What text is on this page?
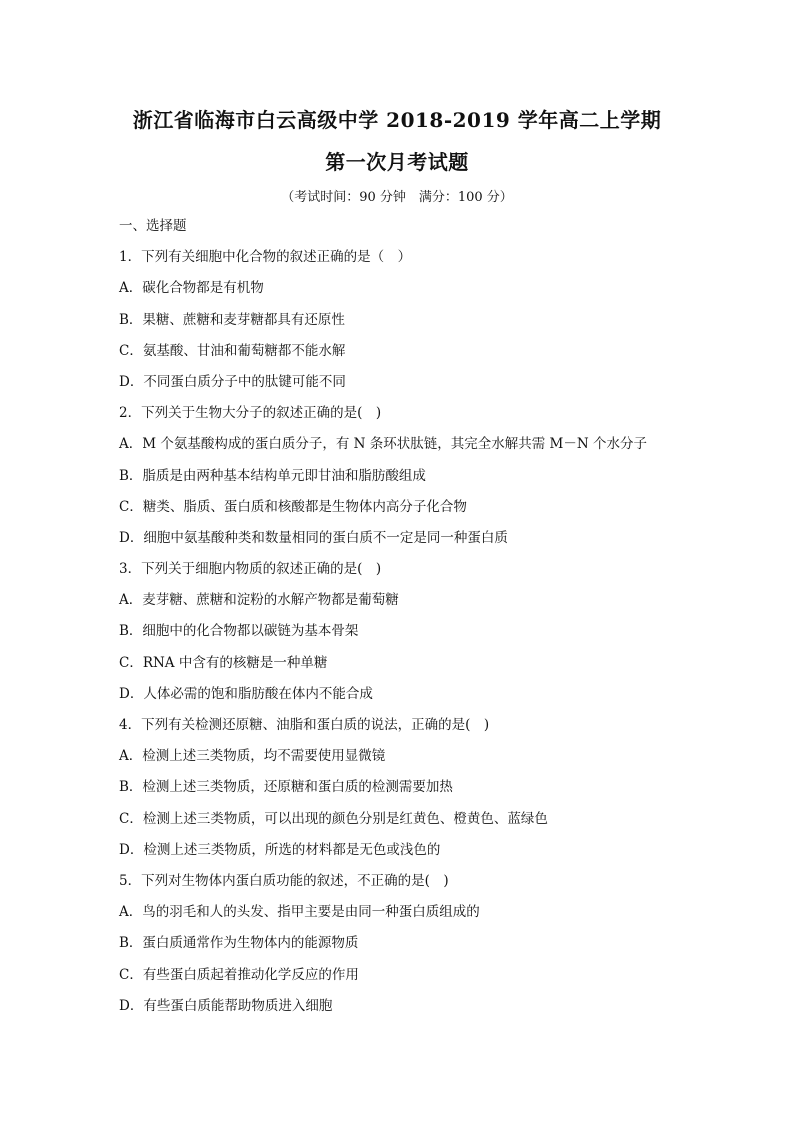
浙江省临海市白云高级中学 2018-2019 学年高二上学期
第一次月考试题
（考试时间：90 分钟　满分：100 分）
一、选择题
1．下列有关细胞中化合物的叙述正确的是（　）
A．碳化合物都是有机物
B．果糖、蔗糖和麦芽糖都具有还原性
C．氨基酸、甘油和葡萄糖都不能水解
D．不同蛋白质分子中的肽键可能不同
2．下列关于生物大分子的叙述正确的是(　)
A．M 个氨基酸构成的蛋白质分子，有 N 条环状肽链，其完全水解共需 M－N 个水分子
B．脂质是由两种基本结构单元即甘油和脂肪酸组成
C．糖类、脂质、蛋白质和核酸都是生物体内高分子化合物
D．细胞中氨基酸种类和数量相同的蛋白质不一定是同一种蛋白质
3．下列关于细胞内物质的叙述正确的是(　)
A．麦芽糖、蔗糖和淀粉的水解产物都是葡萄糖
B．细胞中的化合物都以碳链为基本骨架
C．RNA 中含有的核糖是一种单糖
D．人体必需的饱和脂肪酸在体内不能合成
4．下列有关检测还原糖、油脂和蛋白质的说法，正确的是(　)
A．检测上述三类物质，均不需要使用显微镜
B．检测上述三类物质，还原糖和蛋白质的检测需要加热
C．检测上述三类物质，可以出现的颜色分别是红黄色、橙黄色、蓝绿色
D．检测上述三类物质，所选的材料都是无色或浅色的
5．下列对生物体内蛋白质功能的叙述，不正确的是(　)
A．鸟的羽毛和人的头发、指甲主要是由同一种蛋白质组成的
B．蛋白质通常作为生物体内的能源物质
C．有些蛋白质起着推动化学反应的作用
D．有些蛋白质能帮助物质进入细胞
